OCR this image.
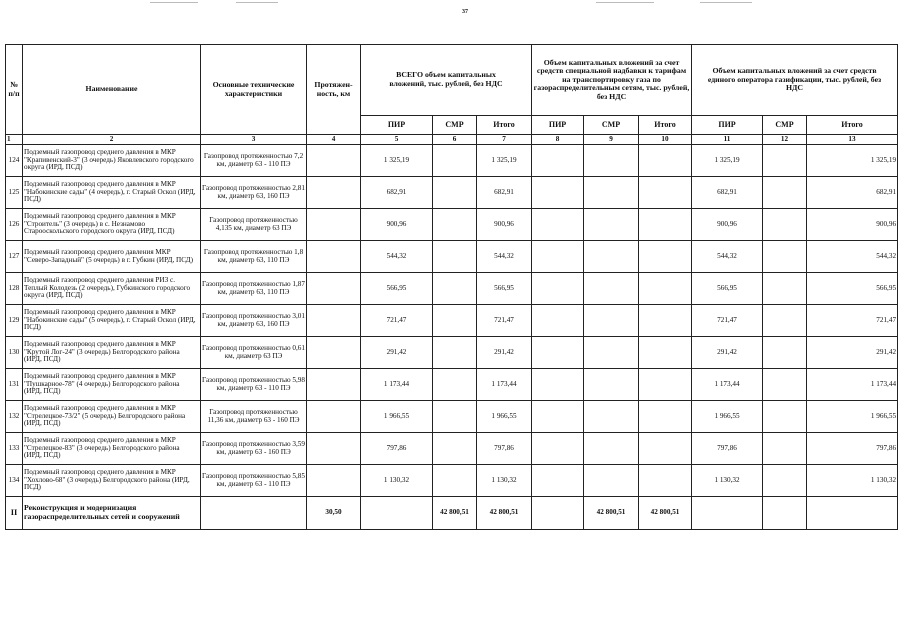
37
№
п/п	Наименование	Основные технические характеристики	Протяжен-
ность, км	ВСЕГО объем капитальных вложений, тыс. рублей, без НДС			Объем капитальных вложений за счет средств специальной надбавки к тарифам на транспортировку газа по газораспределительным сетям, тыс. рублей, без НДС			Объем капитальных вложений за счет средств единого оператора газификации, тыс. рублей, без НДС		
				ПИР	СМР	Итого	ПИР	СМР	Итого	ПИР	СМР	Итого
1	2	3	4	5	6	7	8	9	10	11	12	13
124	Подземный газопровод среднего давления в МКР "Крапивенский-3" (3 очередь) Яковлевского городского округа (ИРД, ПСД)	Газопровод протяженностью 7,2 км, диаметр 63 - 110 ПЭ		1 325,19		1 325,19				1 325,19		1 325,19
125	Подземный газопровод среднего давления в МКР "Набокинские сады" (4 очередь), г. Старый Оскол (ИРД, ПСД)	Газопровод протяженностью 2,81 км, диаметр 63, 160 ПЭ		682,91		682,91				682,91		682,91
126	Подземный газопровод среднего давления в МКР "Строитель" (3 очередь) в с. Незнамово Старооскольского городского округа (ИРД, ПСД)	Газопровод протяженностью 4,135 км, диаметр 63 ПЭ		900,96		900,96				900,96		900,96
127	Подземный газопровод среднего давления МКР "Северо-Западный" (5 очередь) в г. Губкин (ИРД, ПСД)	Газопровод протяженностью 1,8 км, диаметр 63, 110 ПЭ		544,32		544,32				544,32		544,32
128	Подземный газопровод среднего давления РИЗ с. Теплый Колодезь (2 очередь), Губкинского городского округа (ИРД, ПСД)	Газопровод протяженностью 1,87 км, диаметр 63, 110 ПЭ		566,95		566,95				566,95		566,95
129	Подземный газопровод среднего давления в МКР "Набокинские сады" (5 очередь), г. Старый Оскол (ИРД, ПСД)	Газопровод протяженностью 3,01 км, диаметр 63, 160 ПЭ		721,47		721,47				721,47		721,47
130	Подземный газопровод среднего давления в МКР "Крутой Лог-24" (3 очередь) Белгородского района (ИРД, ПСД)	Газопровод протяженностью 0,61 км, диаметр 63 ПЭ		291,42		291,42				291,42		291,42
131	Подземный газопровод среднего давления в МКР "Пушкарное-78" (4 очередь) Белгородского района (ИРД, ПСД)	Газопровод протяженностью 5,98 км, диаметр 63 - 110 ПЭ		1 173,44		1 173,44				1 173,44		1 173,44
132	Подземный газопровод среднего давления в МКР "Стрелецкое-73/2" (5 очередь) Белгородского района (ИРД, ПСД)	Газопровод протяженностью 11,36 км, диаметр 63 - 160 ПЭ		1 966,55		1 966,55				1 966,55		1 966,55
133	Подземный газопровод среднего давления в МКР "Стрелецкое-83" (3 очередь) Белгородского района (ИРД, ПСД)	Газопровод протяженностью 3,59 км, диаметр 63 - 160 ПЭ		797,86		797,86				797,86		797,86
134	Подземный газопровод среднего давления в МКР "Хохлово-68" (3 очередь) Белгородского района (ИРД, ПСД)	Газопровод протяженностью 5,85 км, диаметр 63 - 110 ПЭ		1 130,32		1 130,32				1 130,32		1 130,32
II	Реконструкция и модернизация газораспределительных сетей и сооружений		30,50		42 800,51	42 800,51		42 800,51	42 800,51			
